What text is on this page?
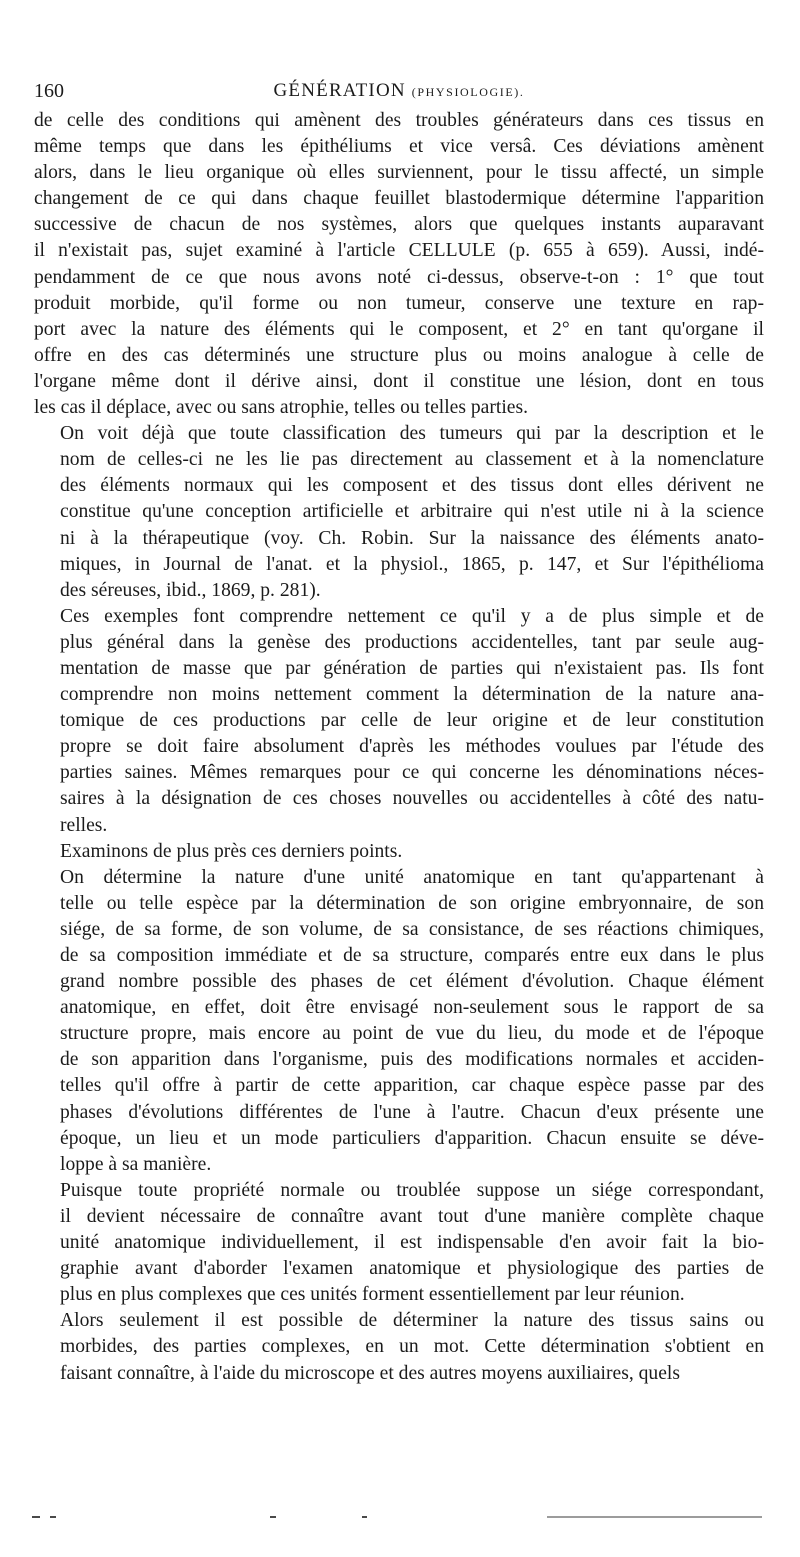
160	GÉNÉRATION (PHYSIOLOGIE).

de celle des conditions qui amènent des troubles générateurs dans ces tissus en
même temps que dans les épithéliums et vice versâ. Ces déviations amènent
alors, dans le lieu organique où elles surviennent, pour le tissu affecté, un simple
changement de ce qui dans chaque feuillet blastodermique détermine l'apparition
successive de chacun de nos systèmes, alors que quelques instants auparavant
il n'existait pas, sujet examiné à l'article CELLULE (p. 655 à 659). Aussi, indé-
pendamment de ce que nous avons noté ci-dessus, observe-t-on : 1° que tout
produit morbide, qu'il forme ou non tumeur, conserve une texture en rap-
port avec la nature des éléments qui le composent, et 2° en tant qu'organe il
offre en des cas déterminés une structure plus ou moins analogue à celle de
l'organe même dont il dérive ainsi, dont il constitue une lésion, dont en tous
les cas il déplace, avec ou sans atrophie, telles ou telles parties.

On voit déjà que toute classification des tumeurs qui par la description et le
nom de celles-ci ne les lie pas directement au classement et à la nomenclature
des éléments normaux qui les composent et des tissus dont elles dérivent ne
constitue qu'une conception artificielle et arbitraire qui n'est utile ni à la science
ni à la thérapeutique (voy. Ch. Robin. Sur la naissance des éléments anato-
miques, in Journal de l'anat. et la physiol., 1865, p. 147, et Sur l'épithélioma
des séreuses, ibid., 1869, p. 281).

Ces exemples font comprendre nettement ce qu'il y a de plus simple et de
plus général dans la genèse des productions accidentelles, tant par seule aug-
mentation de masse que par génération de parties qui n'existaient pas. Ils font
comprendre non moins nettement comment la détermination de la nature ana-
tomique de ces productions par celle de leur origine et de leur constitution
propre se doit faire absolument d'après les méthodes voulues par l'étude des
parties saines. Mêmes remarques pour ce qui concerne les dénominations néces-
saires à la désignation de ces choses nouvelles ou accidentelles à côté des natu-
relles.

Examinons de plus près ces derniers points.

On détermine la nature d'une unité anatomique en tant qu'appartenant à
telle ou telle espèce par la détermination de son origine embryonnaire, de son
siége, de sa forme, de son volume, de sa consistance, de ses réactions chimiques,
de sa composition immédiate et de sa structure, comparés entre eux dans le plus
grand nombre possible des phases de cet élément d'évolution. Chaque élément
anatomique, en effet, doit être envisagé non-seulement sous le rapport de sa
structure propre, mais encore au point de vue du lieu, du mode et de l'époque
de son apparition dans l'organisme, puis des modifications normales et acciden-
telles qu'il offre à partir de cette apparition, car chaque espèce passe par des
phases d'évolutions différentes de l'une à l'autre. Chacun d'eux présente une
époque, un lieu et un mode particuliers d'apparition. Chacun ensuite se déve-
loppe à sa manière.

Puisque toute propriété normale ou troublée suppose un siége correspondant,
il devient nécessaire de connaître avant tout d'une manière complète chaque
unité anatomique individuellement, il est indispensable d'en avoir fait la bio-
graphie avant d'aborder l'examen anatomique et physiologique des parties de
plus en plus complexes que ces unités forment essentiellement par leur réunion.

Alors seulement il est possible de déterminer la nature des tissus sains ou
morbides, des parties complexes, en un mot. Cette détermination s'obtient en
faisant connaître, à l'aide du microscope et des autres moyens auxiliaires, quels
